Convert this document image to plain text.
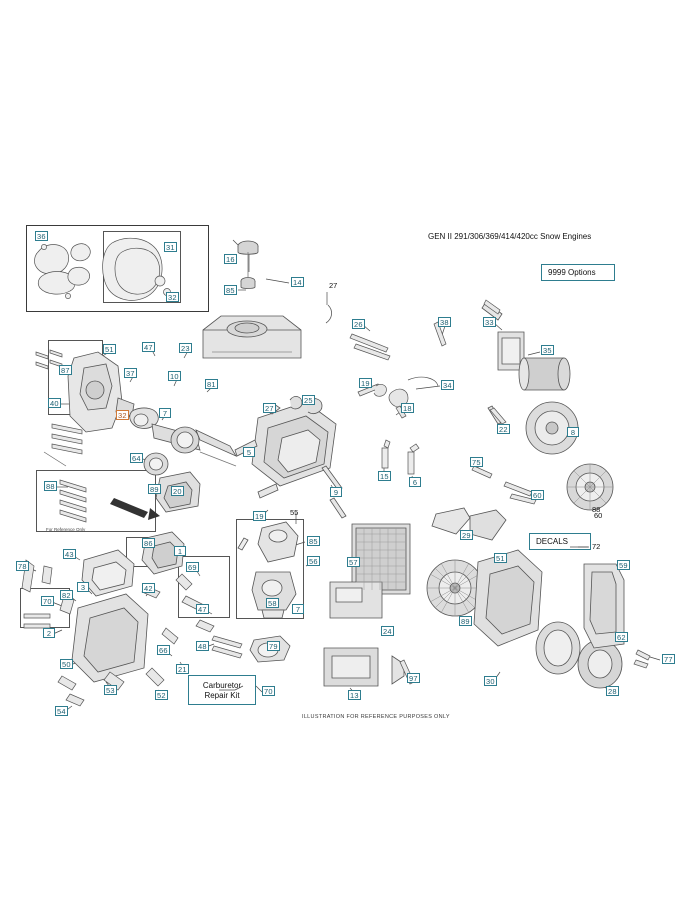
GEN II 291/306/369/414/420cc Snow Engines
9999 Options
DECALS
Carburetor
Repair Kit
ILLUSTRATION FOR REFERENCE PURPOSES ONLY
For Reference Only
36
31
32
16
85
14	27
26	38	33
35
51	47	23
87	37	10
81	19	34
40
32	7
27
25
18
22	8
64
5
15
6
75
60
60
88	89 20	9
19	55
29
85
86
1
57
56	51
72
59
43
78
3	42
69
7
70
82
24
89
2
47
48	79
66
50
21
70	13
97	30
62
77
28
53
52
54
58
88
